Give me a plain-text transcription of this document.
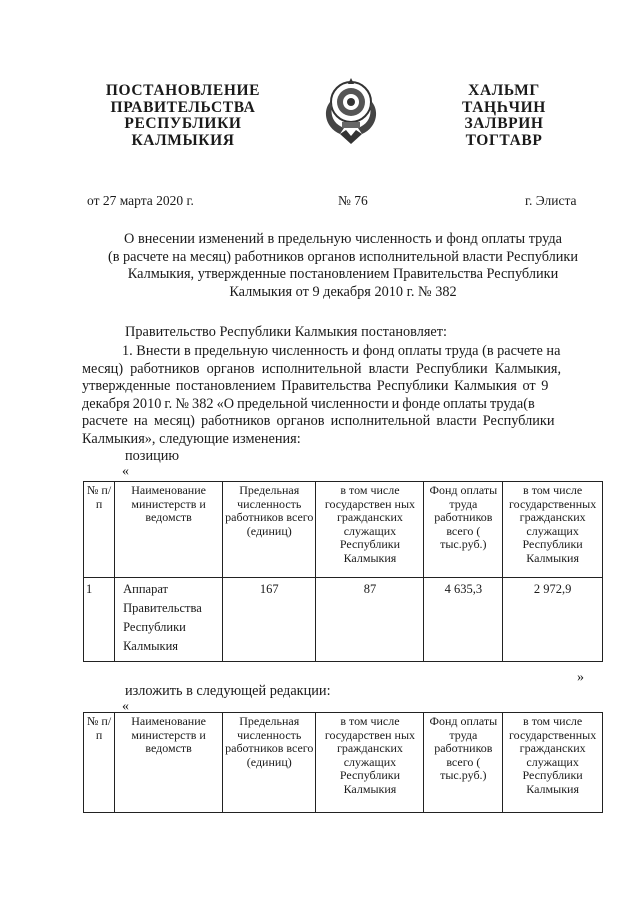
ПОСТАНОВЛЕНИЕ
ПРАВИТЕЛЬСТВА
РЕСПУБЛИКИ
КАЛМЫКИЯ
ХАЛЬМГ
ТАҢҺЧИН
ЗАЛВРИН
ТОГТАВР
от 27 марта 2020 г.	№ 76	г. Элиста
О внесении изменений в предельную численность и фонд оплаты труда
(в расчете на месяц) работников органов исполнительной власти Республики
Калмыкия, утвержденные постановлением Правительства Республики
Калмыкия от 9 декабря 2010 г. № 382
Правительство Республики Калмыкия постановляет:
1. Внести в предельную численность и фонд оплаты труда (в расчете на
месяц) работников органов исполнительной власти Республики Калмыкия,
утвержденные постановлением Правительства Республики Калмыкия от 9
декабря 2010 г. № 382 «О предельной численности и фонде оплаты труда(в
расчете на месяц) работников органов исполнительной власти Республики
Калмыкия», следующие изменения:
позицию
«
№ п/п	Наименование министерств и ведомств	Предельная численность работников всего (единиц)	в том числе государствен ных гражданских служащих Республики Калмыкия	Фонд оплаты труда работников всего ( тыс.руб.)	в том числе государственных гражданских служащих Республики Калмыкия
1	Аппарат
Правительства
Республики
Калмыкия	167	87	4 635,3	2 972,9
»
изложить в следующей редакции:
«
№ п/п	Наименование министерств и ведомств	Предельная численность работников всего (единиц)	в том числе государствен ных гражданских служащих Республики Калмыкия	Фонд оплаты труда работников всего ( тыс.руб.)	в том числе государственных гражданских служащих Республики Калмыкия
